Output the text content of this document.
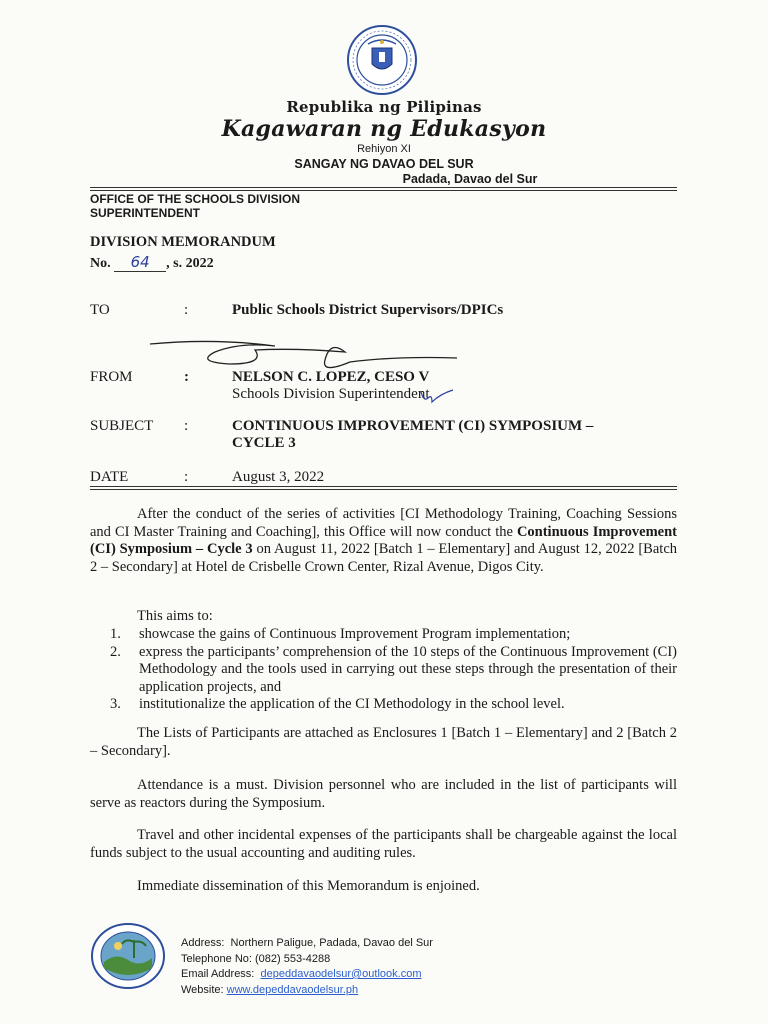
Republika ng Pilipinas
Kagawaran ng Edukasyon
Rehiyon XI
SANGAY NG DAVAO DEL SUR
Padada, Davao del Sur
OFFICE OF THE SCHOOLS DIVISION
SUPERINTENDENT
DIVISION MEMORANDUM
No. 64 , s. 2022
TO	:	Public Schools District Supervisors/DPICs
FROM	:	NELSON C. LOPEZ, CESO V
Schools Division Superintendent
SUBJECT :	CONTINUOUS IMPROVEMENT (CI) SYMPOSIUM –
CYCLE 3
DATE	:	August 3, 2022
After the conduct of the series of activities [CI Methodology Training, Coaching Sessions and CI Master Training and Coaching], this Office will now conduct the Continuous Improvement (CI) Symposium – Cycle 3 on August 11, 2022 [Batch 1 – Elementary] and August 12, 2022 [Batch 2 – Secondary] at Hotel de Crisbelle Crown Center, Rizal Avenue, Digos City.
This aims to:
1. showcase the gains of Continuous Improvement Program implementation;
2. express the participants’ comprehension of the 10 steps of the Continuous Improvement (CI) Methodology and the tools used in carrying out these steps through the presentation of their application projects, and
3. institutionalize the application of the CI Methodology in the school level.
The Lists of Participants are attached as Enclosures 1 [Batch 1 – Elementary] and 2 [Batch 2 – Secondary].
Attendance is a must. Division personnel who are included in the list of participants will serve as reactors during the Symposium.
Travel and other incidental expenses of the participants shall be chargeable against the local funds subject to the usual accounting and auditing rules.
Immediate dissemination of this Memorandum is enjoined.
Address: Northern Paligue, Padada, Davao del Sur
Telephone No: (082) 553-4288
Email Address: depeddavaodelsur@outlook.com
Website: www.depeddavaodelsur.ph
